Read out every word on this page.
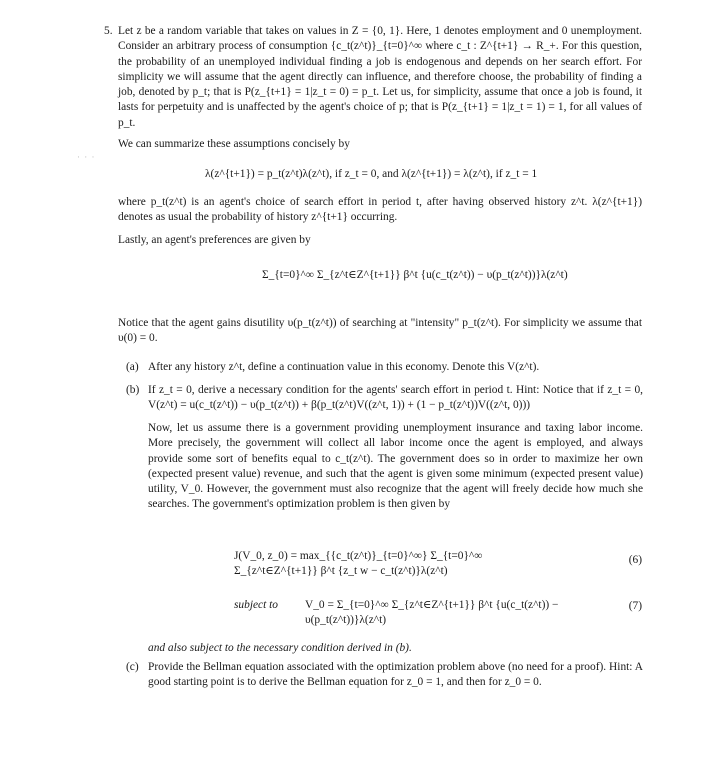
5.
· · ·
Let z be a random variable that takes on values in Z = {0, 1}. Here, 1 denotes employment and 0 unemployment. Consider an arbitrary process of consumption {c_t(z^t)}_{t=0}^∞ where c_t : Z^{t+1} → R_+. For this question, the probability of an unemployed individual finding a job is endogenous and depends on her search effort. For simplicity we will assume that the agent directly can influence, and therefore choose, the probability of finding a job, denoted by p_t; that is P(z_{t+1} = 1|z_t = 0) = p_t. Let us, for simplicity, assume that once a job is found, it lasts for perpetuity and is unaffected by the agent's choice of p; that is P(z_{t+1} = 1|z_t = 1) = 1, for all values of p_t.
We can summarize these assumptions concisely by
λ(z^{t+1}) = p_t(z^t)λ(z^t), if z_t = 0, and λ(z^{t+1}) = λ(z^t), if z_t = 1
where p_t(z^t) is an agent's choice of search effort in period t, after having observed history z^t. λ(z^{t+1}) denotes as usual the probability of history z^{t+1} occurring.
Lastly, an agent's preferences are given by
Σ_{t=0}^∞ Σ_{z^t∈Z^{t+1}} β^t {u(c_t(z^t)) − υ(p_t(z^t))}λ(z^t)
Notice that the agent gains disutility υ(p_t(z^t)) of searching at "intensity" p_t(z^t). For simplicity we assume that υ(0) = 0.
(a) After any history z^t, define a continuation value in this economy. Denote this V(z^t).
(b) If z_t = 0, derive a necessary condition for the agents' search effort in period t. Hint: Notice that if z_t = 0, V(z^t) = u(c_t(z^t)) − υ(p_t(z^t)) + β(p_t(z^t)V((z^t, 1)) + (1 − p_t(z^t))V((z^t, 0)))
Now, let us assume there is a government providing unemployment insurance and taxing labor income. More precisely, the government will collect all labor income once the agent is employed, and always provide some sort of benefits equal to c_t(z^t). The government does so in order to maximize her own (expected present value) revenue, and such that the agent is given some minimum (expected present value) utility, V_0. However, the government must also recognize that the agent will freely decide how much she searches. The government's optimization problem is then given by
J(V_0, z_0) = max_{{c_t(z^t)}_{t=0}^∞} Σ_{t=0}^∞ Σ_{z^t∈Z^{t+1}} β^t {z_t w − c_t(z^t)}λ(z^t)
(6)
subject to V_0 = Σ_{t=0}^∞ Σ_{z^t∈Z^{t+1}} β^t {u(c_t(z^t)) − υ(p_t(z^t))}λ(z^t)
(7)
and also subject to the necessary condition derived in (b).
(c) Provide the Bellman equation associated with the optimization problem above (no need for a proof). Hint: A good starting point is to derive the Bellman equation for z_0 = 1, and then for z_0 = 0.
